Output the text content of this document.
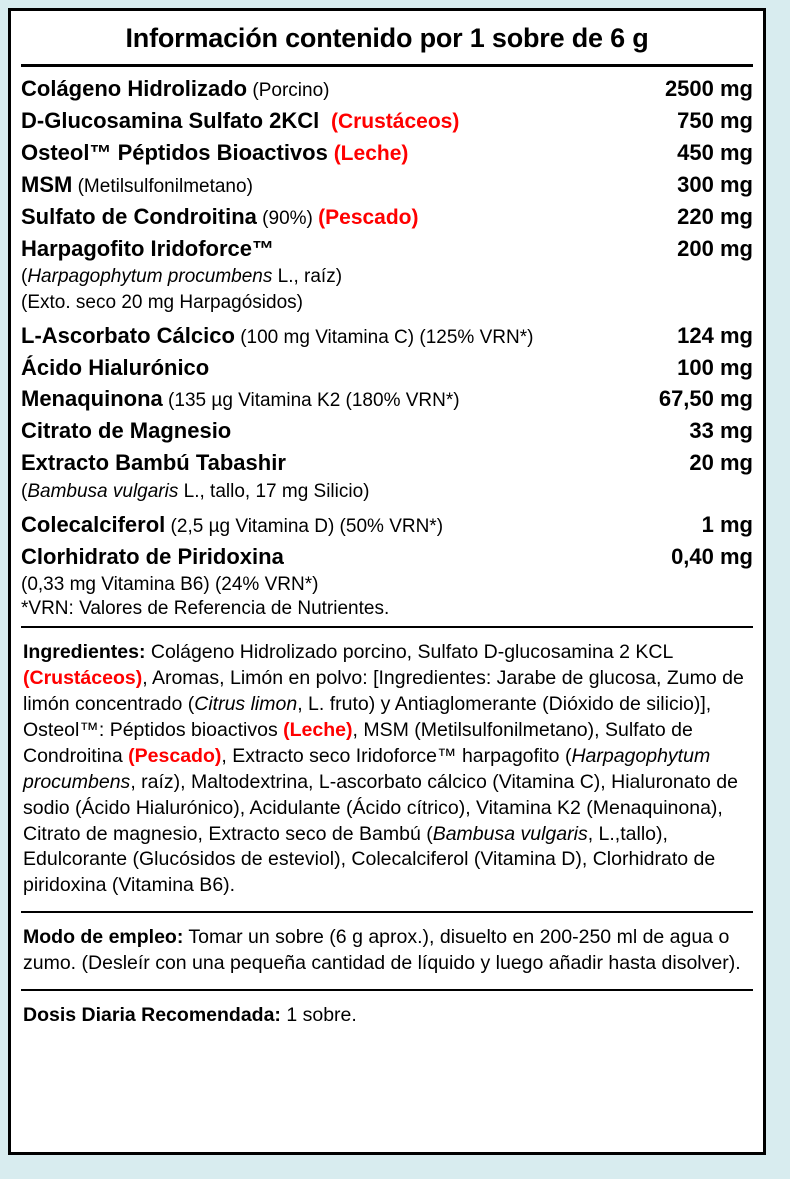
Información contenido por 1 sobre de 6 g
Colágeno Hidrolizado (Porcino)	2500 mg
D-Glucosamina Sulfato 2KCl (Crustáceos)	750 mg
Osteol™ Péptidos Bioactivos (Leche)	450 mg
MSM (Metilsulfonilmetano)	300 mg
Sulfato de Condroitina (90%) (Pescado)	220 mg
Harpagofito Iridoforce™	200 mg
(Harpagophytum procumbens L., raíz)	
(Exto. seco 20 mg Harpagósidos)	
L-Ascorbato Cálcico (100 mg Vitamina C) (125% VRN*)	124 mg
Ácido Hialurónico	100 mg
Menaquinona (135 µg Vitamina K2 (180% VRN*)	67,50 mg
Citrato de Magnesio	33 mg
Extracto Bambú Tabashir	20 mg
(Bambusa vulgaris L., tallo, 17 mg Silicio)	
Colecalciferol (2,5 µg Vitamina D) (50% VRN*)	1 mg
Clorhidrato de Piridoxina	0,40 mg
(0,33 mg Vitamina B6) (24% VRN*)	
*VRN: Valores de Referencia de Nutrientes.	
Ingredientes: Colágeno Hidrolizado porcino, Sulfato D-glucosamina 2 KCL (Crustáceos), Aromas, Limón en polvo: [Ingredientes: Jarabe de glucosa, Zumo de limón concentrado (Citrus limon, L. fruto) y Antiaglomerante (Dióxido de silicio)], Osteol™: Péptidos bioactivos (Leche), MSM (Metilsulfonilmetano), Sulfato de Condroitina (Pescado), Extracto seco Iridoforce™ harpagofito (Harpagophytum procumbens, raíz), Maltodextrina, L-ascorbato cálcico (Vitamina C), Hialuronato de sodio (Ácido Hialurónico), Acidulante (Ácido cítrico), Vitamina K2 (Menaquinona), Citrato de magnesio, Extracto seco de Bambú (Bambusa vulgaris, L.,tallo), Edulcorante (Glucósidos de esteviol), Colecalciferol (Vitamina D), Clorhidrato de piridoxina (Vitamina B6).
Modo de empleo: Tomar un sobre (6 g aprox.), disuelto en 200-250 ml de agua o zumo. (Desleír con una pequeña cantidad de líquido y luego añadir hasta disolver).
Dosis Diaria Recomendada: 1 sobre.
